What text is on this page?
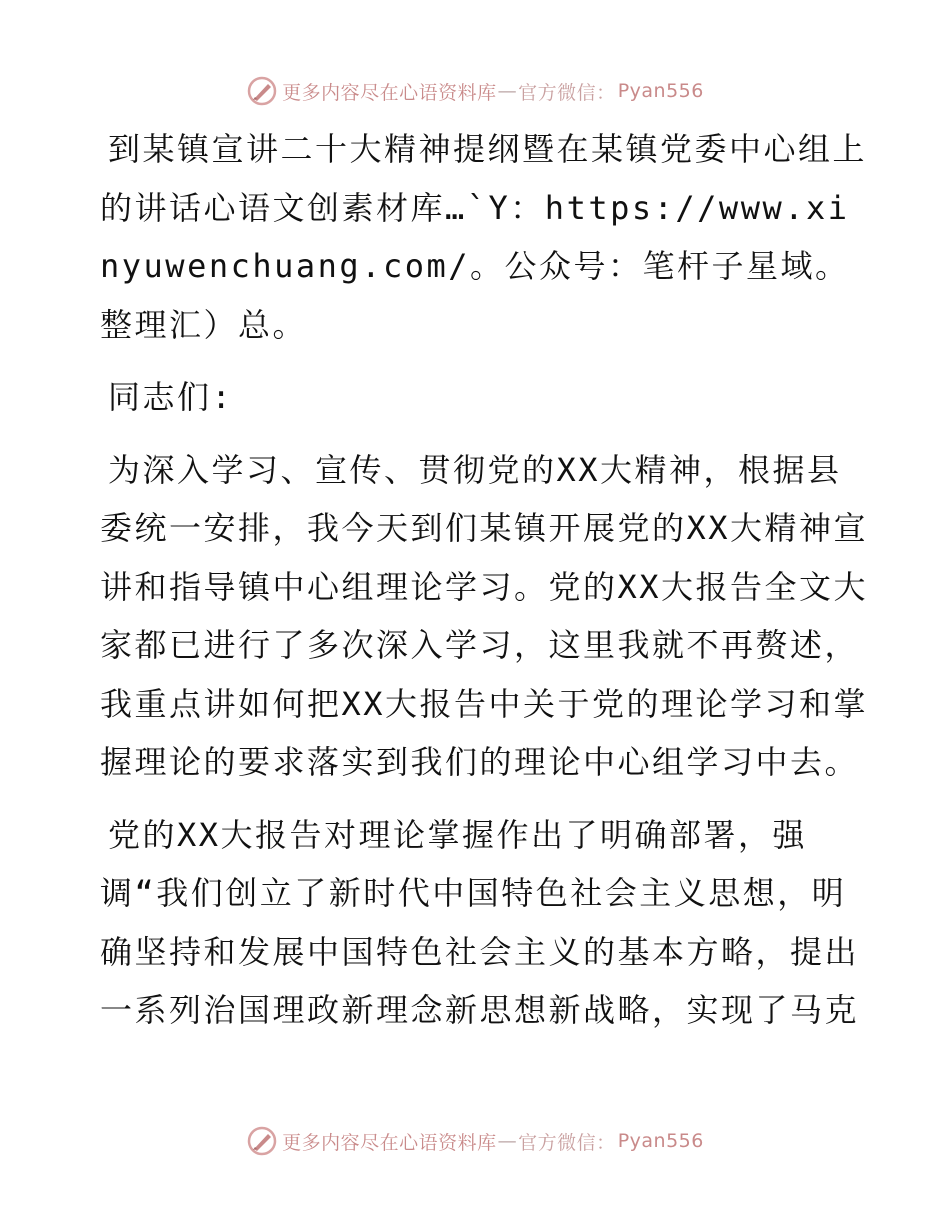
更多内容尽在心语资料库 — 官方微信： Pyan556

到某镇宣讲二十大精神提纲暨在某镇党委中心组上的讲话心语文创素材库…`Y：https://www.xinyuwenchuang.com/。公众号：笔杆子星域。整理汇）总。

同志们:

为深入学习、宣传、贯彻党的XX大精神，根据县委统一安排，我今天到们某镇开展党的XX大精神宣讲和指导镇中心组理论学习。党的XX大报告全文大家都已进行了多次深入学习，这里我就不再赘述，我重点讲如何把XX大报告中关于党的理论学习和掌握理论的要求落实到我们的理论中心组学习中去。

党的XX大报告对理论掌握作出了明确部署，强调“我们创立了新时代中国特色社会主义思想，明确坚持和发展中国特色社会主义的基本方略，提出一系列治国理政新理念新思想新战略，实现了马克

更多内容尽在心语资料库 — 官方微信： Pyan556
